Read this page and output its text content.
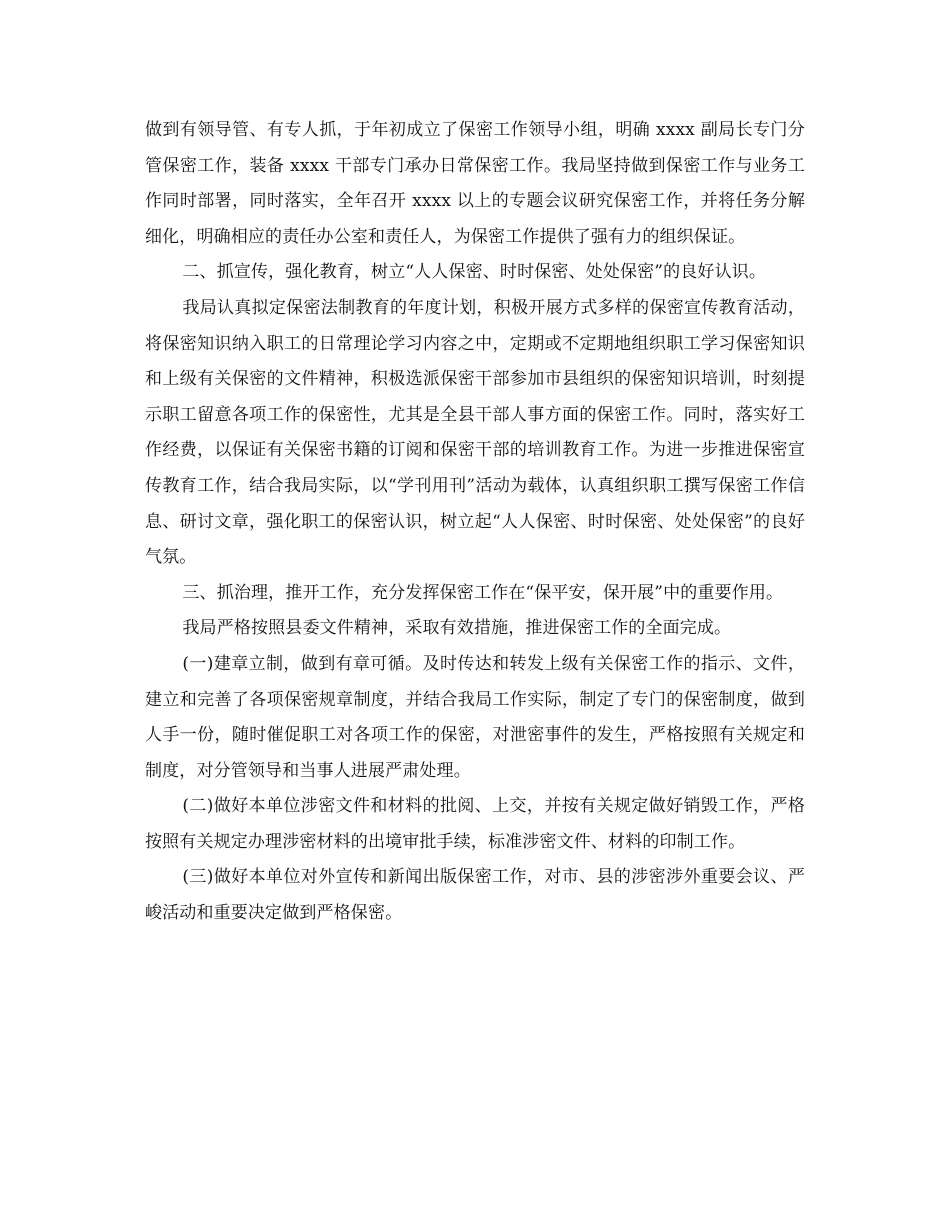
做到有领导管、有专人抓，于年初成立了保密工作领导小组，明确 xxxx 副局长专门分管保密工作，装备 xxxx 干部专门承办日常保密工作。我局坚持做到保密工作与业务工作同时部署，同时落实，全年召开 xxxx 以上的专题会议研究保密工作，并将任务分解细化，明确相应的责任办公室和责任人，为保密工作提供了强有力的组织保证。

二、抓宣传，强化教育，树立“人人保密、时时保密、处处保密”的良好认识。

我局认真拟定保密法制教育的年度计划，积极开展方式多样的保密宣传教育活动，将保密知识纳入职工的日常理论学习内容之中，定期或不定期地组织职工学习保密知识和上级有关保密的文件精神，积极选派保密干部参加市县组织的保密知识培训，时刻提示职工留意各项工作的保密性，尤其是全县干部人事方面的保密工作。同时，落实好工作经费，以保证有关保密书籍的订阅和保密干部的培训教育工作。为进一步推进保密宣传教育工作，结合我局实际，以“学刊用刊”活动为载体，认真组织职工撰写保密工作信息、研讨文章，强化职工的保密认识，树立起“人人保密、时时保密、处处保密”的良好气氛。

三、抓治理，推开工作，充分发挥保密工作在“保平安，保开展”中的重要作用。

我局严格按照县委文件精神，采取有效措施，推进保密工作的全面完成。

(一)建章立制，做到有章可循。及时传达和转发上级有关保密工作的指示、文件，建立和完善了各项保密规章制度，并结合我局工作实际，制定了专门的保密制度，做到人手一份，随时催促职工对各项工作的保密，对泄密事件的发生，严格按照有关规定和制度，对分管领导和当事人进展严肃处理。

(二)做好本单位涉密文件和材料的批阅、上交，并按有关规定做好销毁工作，严格按照有关规定办理涉密材料的出境审批手续，标准涉密文件、材料的印制工作。

(三)做好本单位对外宣传和新闻出版保密工作，对市、县的涉密涉外重要会议、严峻活动和重要决定做到严格保密。
